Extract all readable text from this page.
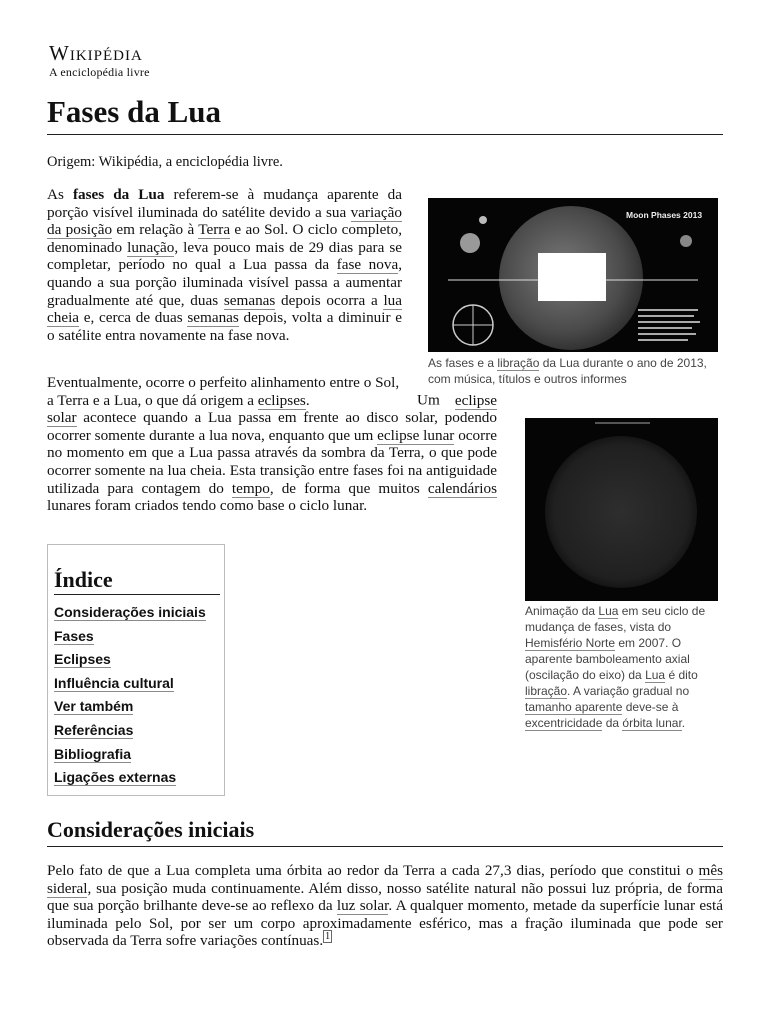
Wikipédia
A enciclopédia livre
Fases da Lua
Origem: Wikipédia, a enciclopédia livre.

As fases da Lua referem-se à mudança aparente da porção visível iluminada do satélite devido a sua variação da posição em relação à Terra e ao Sol. O ciclo completo, denominado lunação, leva pouco mais de 29 dias para se completar, período no qual a Lua passa da fase nova, quando a sua porção iluminada visível passa a aumentar gradualmente até que, duas semanas depois ocorra a lua cheia e, cerca de duas semanas depois, volta a diminuir e o satélite entra novamente na fase nova.

Eventualmente, ocorre o perfeito alinhamento entre o Sol, a Terra e a Lua, o que dá origem a eclipses.	Um eclipse solar acontece quando a Lua passa em frente ao disco solar, podendo ocorrer somente durante a lua nova, enquanto que um eclipse lunar ocorre no momento em que a Lua passa através da sombra da Terra, o que pode ocorrer somente na lua cheia. Esta transição entre fases foi na antiguidade utilizada para contagem do tempo, de forma que muitos calendários lunares foram criados tendo como base o ciclo lunar.

Moon Phases 2013
As fases e a libração da Lua durante o ano de 2013, com música, títulos e outros informes
Animação da Lua em seu ciclo de mudança de fases, vista do Hemisfério Norte em 2007. O aparente bamboleamento axial (oscilação do eixo) da Lua é dito libração. A variação gradual no tamanho aparente deve-se à excentricidade da órbita lunar.
Índice
Considerações iniciais
Fases
Eclipses
Influência cultural
Ver também
Referências
Bibliografia
Ligações externas
Considerações iniciais

Pelo fato de que a Lua completa uma órbita ao redor da Terra a cada 27,3 dias, período que constitui o mês sideral, sua posição muda continuamente. Além disso, nosso satélite natural não possui luz própria, de forma que sua porção brilhante deve-se ao reflexo da luz solar. A qualquer momento, metade da superfície lunar está iluminada pelo Sol, por ser um corpo aproximadamente esférico, mas a fração iluminada que pode ser observada da Terra sofre variações contínuas. $^1$
